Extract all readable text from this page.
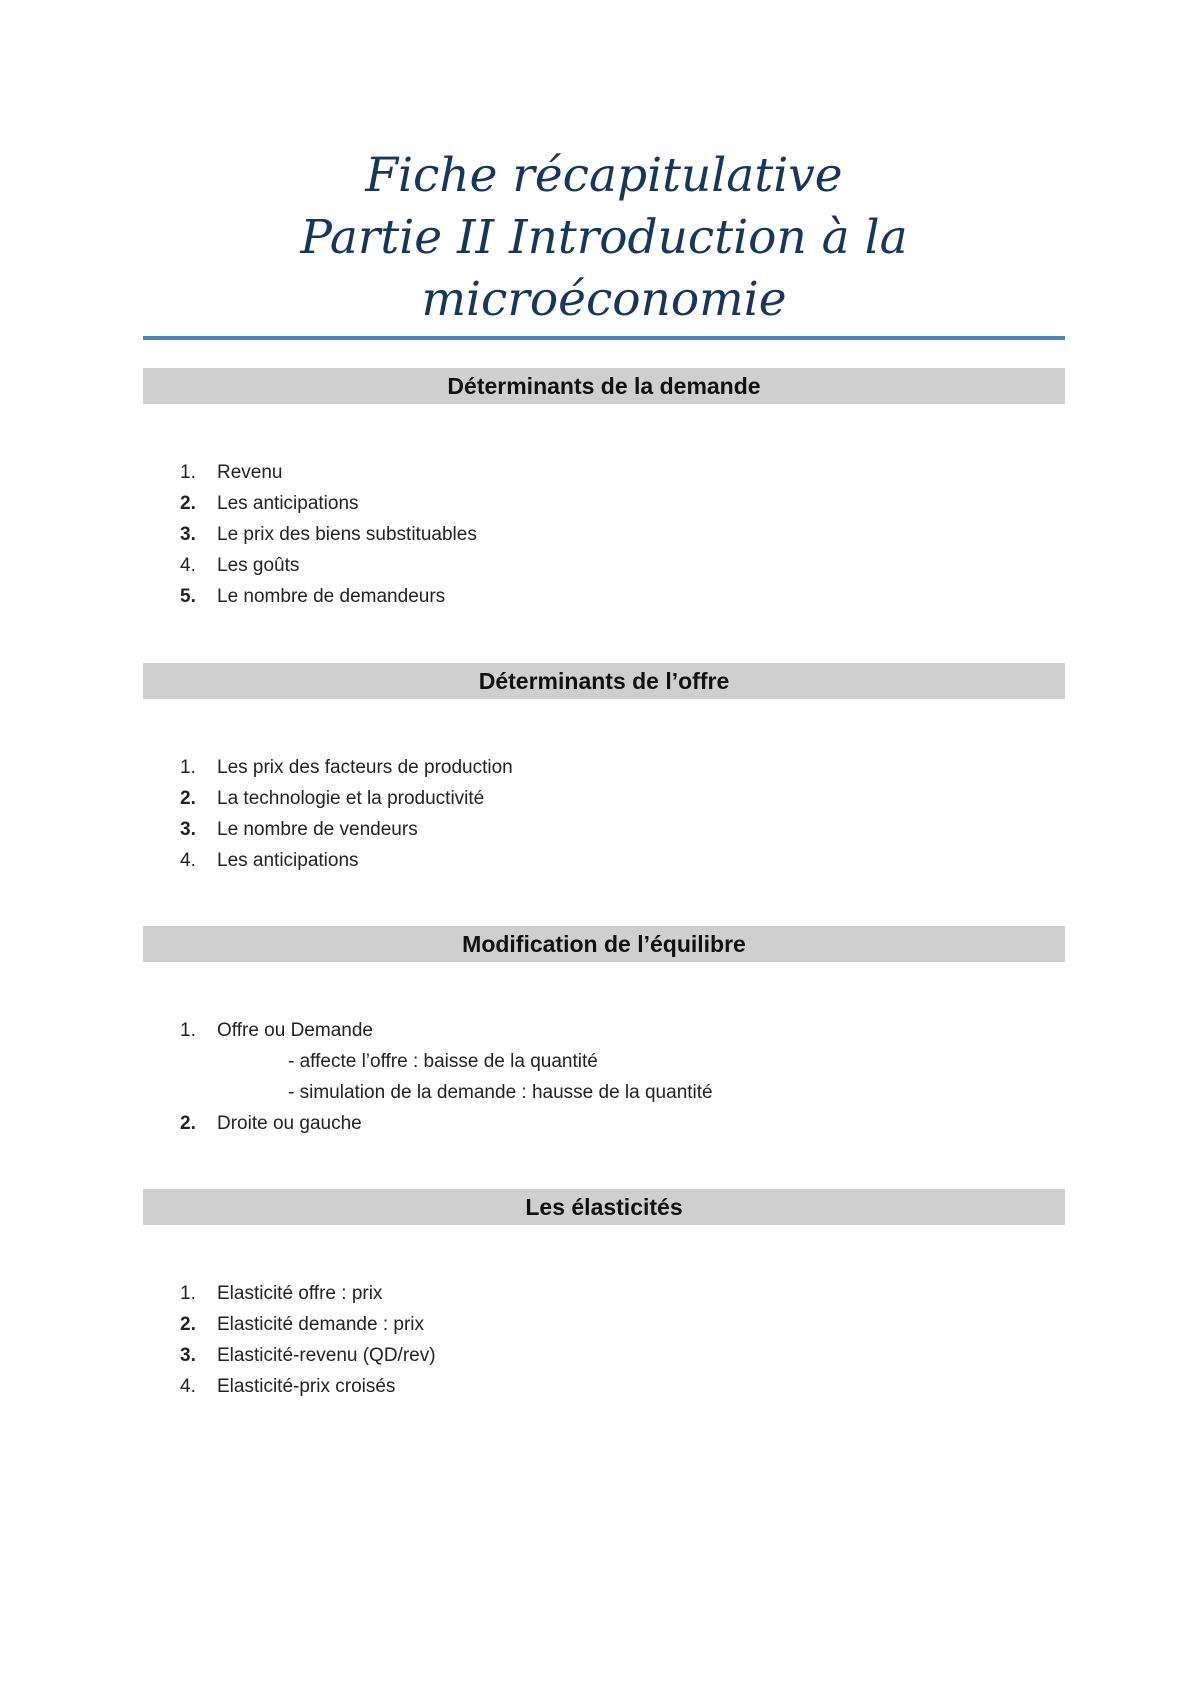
Fiche récapitulative
Partie II Introduction à la
microéconomie
Déterminants de la demande
1.	Revenu
2.	Les anticipations
3.	Le prix des biens substituables
4.	Les goûts
5.	Le nombre de demandeurs
Déterminants de l’offre
1.	Les prix des facteurs de production
2.	La technologie et la productivité
3.	Le nombre de vendeurs
4.	Les anticipations
Modification de l’équilibre
1.	Offre ou Demande
- affecte l’offre : baisse de la quantité
- simulation de la demande : hausse de la quantité
2.	Droite ou gauche
Les élasticités
1.	Elasticité offre : prix
2.	Elasticité demande : prix
3.	Elasticité-revenu (QD/rev)
4.	Elasticité-prix croisés
